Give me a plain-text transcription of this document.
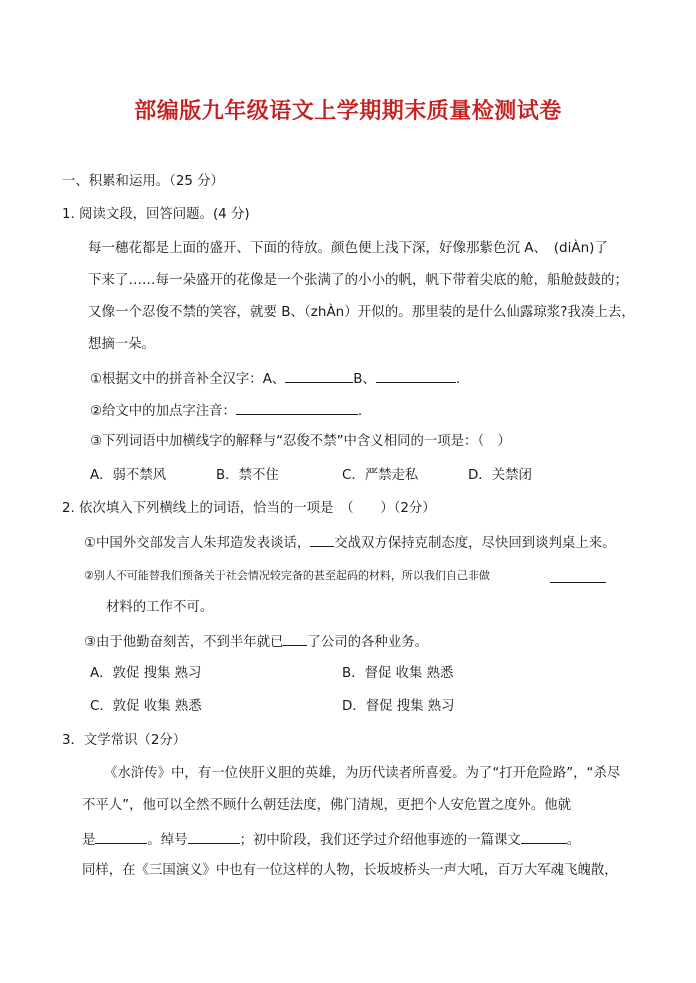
部编版九年级语文上学期期末质量检测试卷
一、积累和运用。（25 分）
1. 阅读文段，回答问题。(4 分)
每一穗花都是上面的盛开、下面的待放。颜色便上浅下深，好像那紫色沉 A、　(diÀn)了
下来了……每一朵盛开的花像是一个张满了的小小的帆，帆下带着尖底的舱，船舱鼓鼓的；
又像一个忍俊不禁的笑容，就要 B、（zhÀn）开似的。那里装的是什么仙露琼浆?我凑上去，
想摘一朵。
①根据文中的拼音补全汉字：A、	B、	.
②给文中的加点字注音：	.
③下列词语中加横线字的解释与“忍俊不禁”中含义相同的一项是：（　）
A．弱不禁风	B．禁不住	C．严禁走私	D．关禁闭
2. 依次填入下列横线上的词语，恰当的一项是　（　　）（2分）
①中国外交部发言人朱邦造发表谈话， 交战双方保持克制态度，尽快回到谈判桌上来。
②别人不可能替我们预备关于社会情况较完备的甚至起码的材料，所以我们自己非做
材料的工作不可。
③由于他勤奋刻苦，不到半年就已 了公司的各种业务。
A．敦促 搜集 熟习	B．督促 收集 熟悉
C．敦促 收集 熟悉	D．督促 搜集 熟习
3．文学常识（2分）
《水浒传》中，有一位侠肝义胆的英雄，为历代读者所喜爱。为了“打开危险路”，“杀尽
不平人”，他可以全然不顾什么朝廷法度，佛门清规，更把个人安危置之度外。他就
是	。绰号	；初中阶段，我们还学过介绍他事迹的一篇课文	。
同样，在《三国演义》中也有一位这样的人物，长坂坡桥头一声大吼，百万大军魂飞魄散，
